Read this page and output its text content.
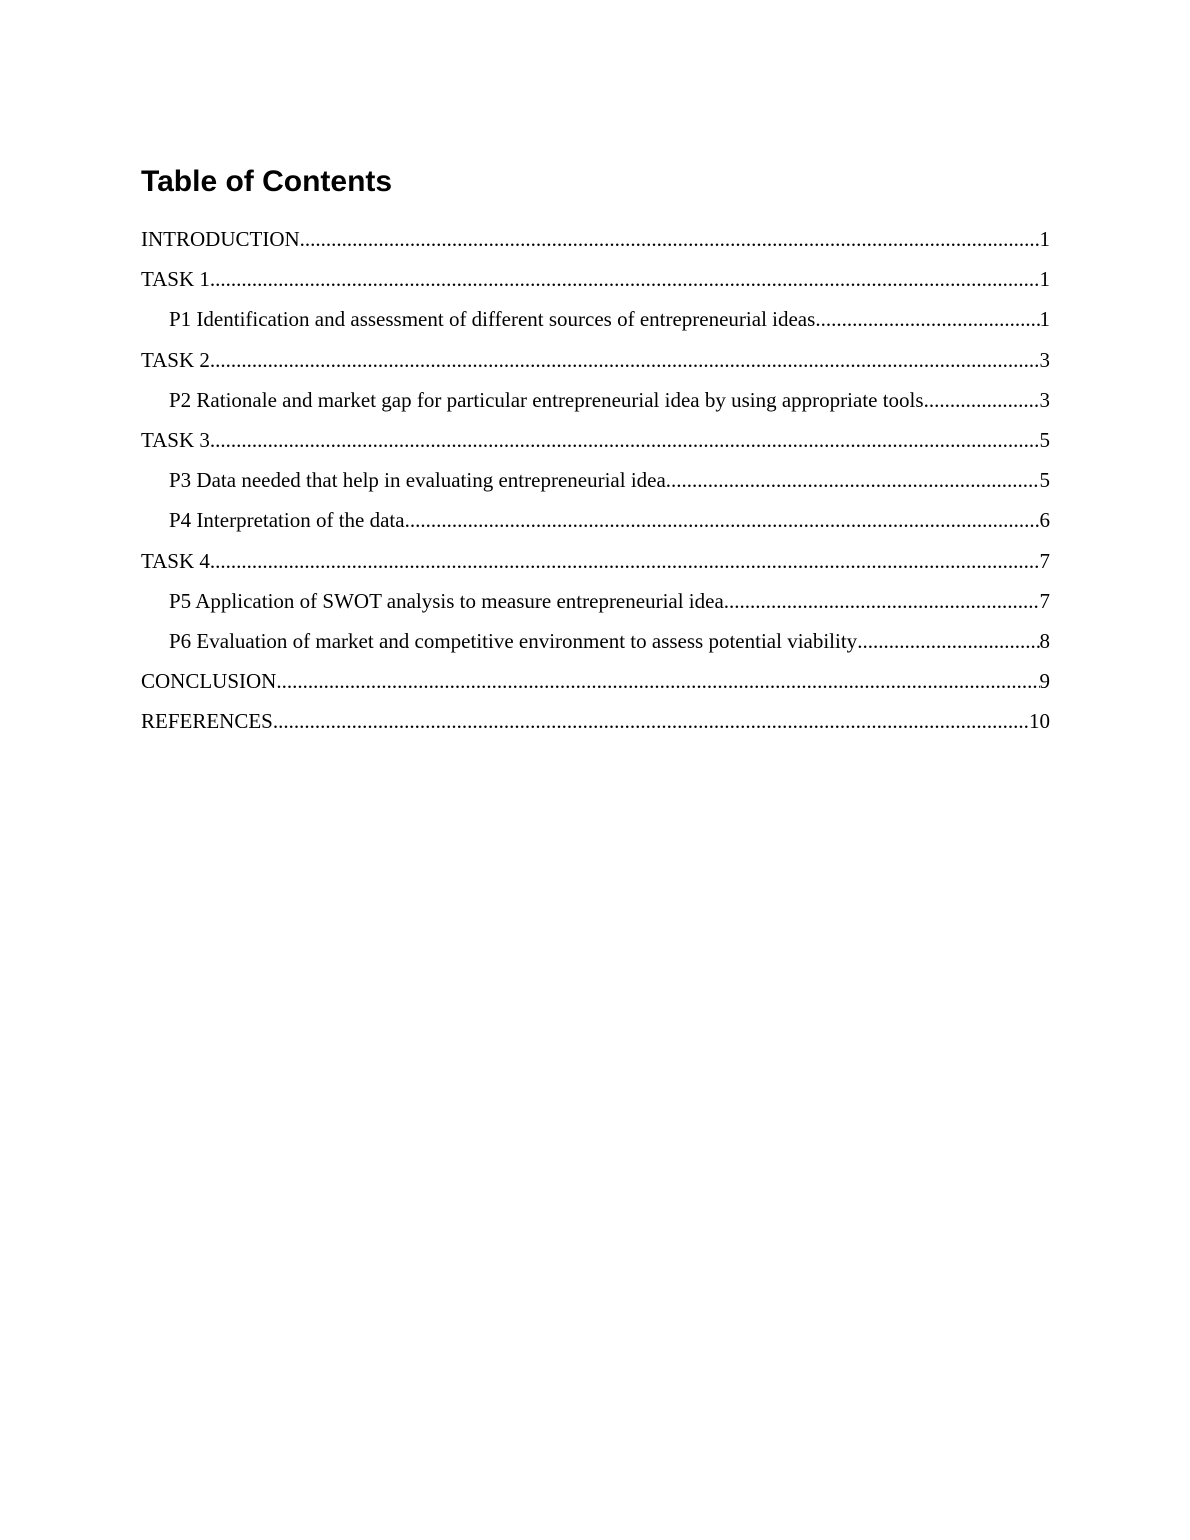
Table of Contents
INTRODUCTION .....	1
TASK 1 .....	1
P1 Identification and assessment of different sources of entrepreneurial ideas .....	1
TASK 2 .....	3
P2 Rationale and market gap for particular entrepreneurial idea by using appropriate tools .....	3
TASK 3 .....	5
P3 Data needed that help in evaluating entrepreneurial idea .....	5
P4 Interpretation of the data .....	6
TASK 4 .....	7
P5 Application of SWOT analysis to measure entrepreneurial idea .....	7
P6 Evaluation of market and competitive environment to assess potential viability .....	8
CONCLUSION .....	9
REFERENCES .....	10
